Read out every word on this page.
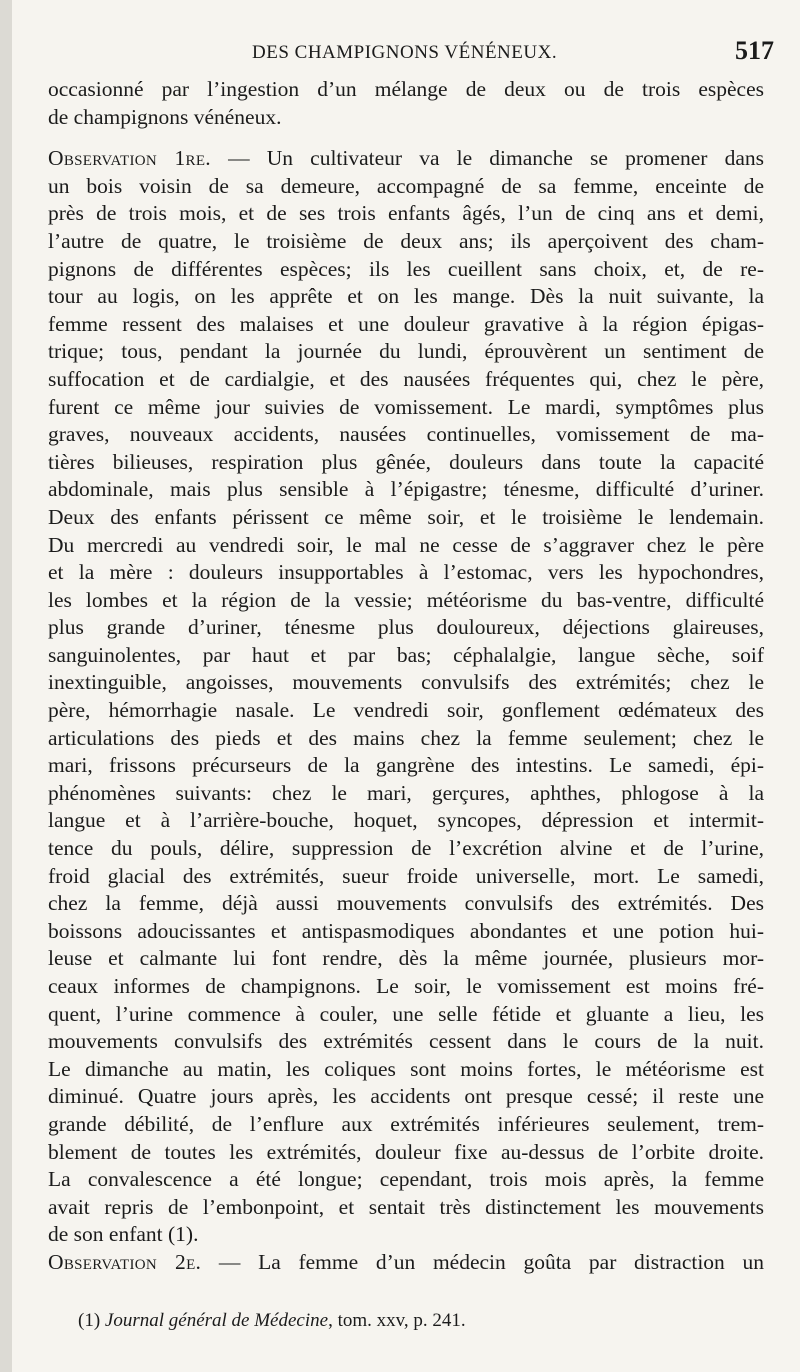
DES CHAMPIGNONS VÉNÉNEUX.	517
occasionné par l’ingestion d’un mélange de deux ou de trois espèces
de champignons vénéneux.
Observation 1re. — Un cultivateur va le dimanche se promener dans
un bois voisin de sa demeure, accompagné de sa femme, enceinte de
près de trois mois, et de ses trois enfants âgés, l’un de cinq ans et demi,
l’autre de quatre, le troisième de deux ans; ils aperçoivent des cham-
pignons de différentes espèces; ils les cueillent sans choix, et, de re-
tour au logis, on les apprête et on les mange. Dès la nuit suivante, la
femme ressent des malaises et une douleur gravative à la région épigas-
trique; tous, pendant la journée du lundi, éprouvèrent un sentiment de
suffocation et de cardialgie, et des nausées fréquentes qui, chez le père,
furent ce même jour suivies de vomissement. Le mardi, symptômes plus
graves, nouveaux accidents, nausées continuelles, vomissement de ma-
tières bilieuses, respiration plus gênée, douleurs dans toute la capacité
abdominale, mais plus sensible à l’épigastre; ténesme, difficulté d’uriner.
Deux des enfants périssent ce même soir, et le troisième le lendemain.
Du mercredi au vendredi soir, le mal ne cesse de s’aggraver chez le père
et la mère : douleurs insupportables à l’estomac, vers les hypochondres,
les lombes et la région de la vessie; météorisme du bas-ventre, difficulté
plus grande d’uriner, ténesme plus douloureux, déjections glaireuses,
sanguinolentes, par haut et par bas; céphalalgie, langue sèche, soif
inextinguible, angoisses, mouvements convulsifs des extrémités; chez le
père, hémorrhagie nasale. Le vendredi soir, gonflement œdémateux des
articulations des pieds et des mains chez la femme seulement; chez le
mari, frissons précurseurs de la gangrène des intestins. Le samedi, épi-
phénomènes suivants: chez le mari, gerçures, aphthes, phlogose à la
langue et à l’arrière-bouche, hoquet, syncopes, dépression et intermit-
tence du pouls, délire, suppression de l’excrétion alvine et de l’urine,
froid glacial des extrémités, sueur froide universelle, mort. Le samedi,
chez la femme, déjà aussi mouvements convulsifs des extrémités. Des
boissons adoucissantes et antispasmodiques abondantes et une potion hui-
leuse et calmante lui font rendre, dès la même journée, plusieurs mor-
ceaux informes de champignons. Le soir, le vomissement est moins fré-
quent, l’urine commence à couler, une selle fétide et gluante a lieu, les
mouvements convulsifs des extrémités cessent dans le cours de la nuit.
Le dimanche au matin, les coliques sont moins fortes, le météorisme est
diminué. Quatre jours après, les accidents ont presque cessé; il reste une
grande débilité, de l’enflure aux extrémités inférieures seulement, trem-
blement de toutes les extrémités, douleur fixe au-dessus de l’orbite droite.
La convalescence a été longue; cependant, trois mois après, la femme
avait repris de l’embonpoint, et sentait très distinctement les mouvements
de son enfant (1).
Observation 2e. — La femme d’un médecin goûta par distraction un
(1) Journal général de Médecine, tom. xxv, p. 241.
